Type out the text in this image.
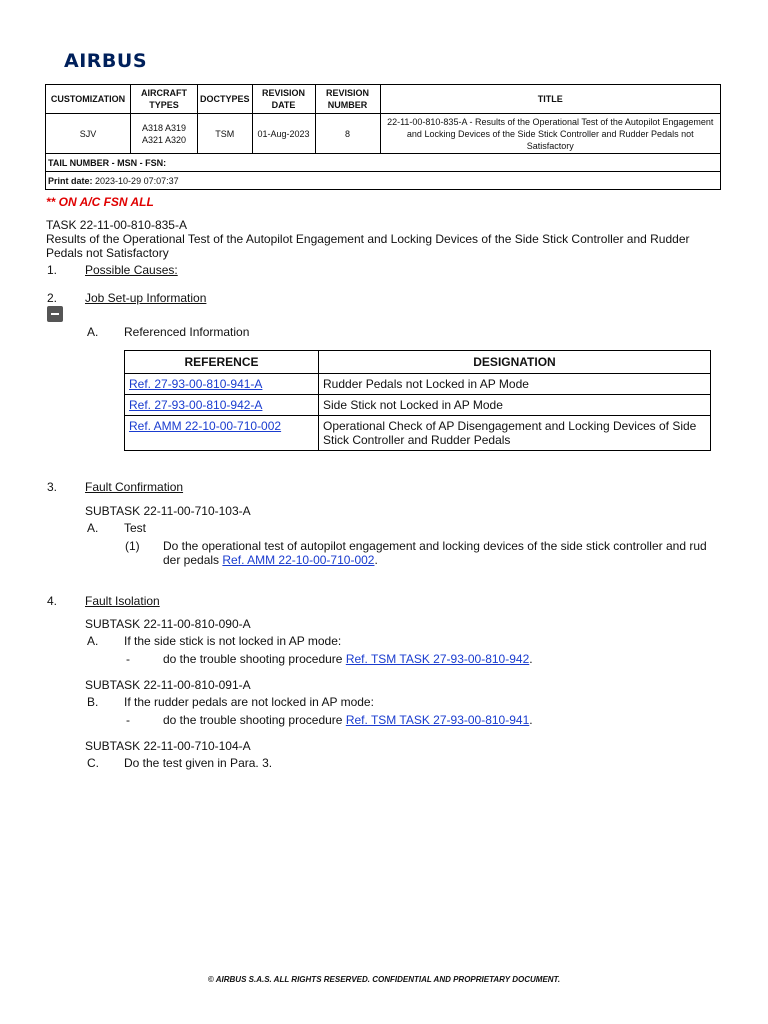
AIRBUS
CUSTOMIZATION	AIRCRAFT TYPES	DOCTYPES	REVISION DATE	REVISION NUMBER	TITLE
SJV	A318 A319 A321 A320	TSM	01-Aug-2023	8	22-11-00-810-835-A - Results of the Operational Test of the Autopilot Engagement and Locking Devices of the Side Stick Controller and Rudder Pedals not Satisfactory
TAIL NUMBER - MSN - FSN:					
Print date: 2023-10-29 07:07:37					
** ON A/C FSN ALL
TASK 22-11-00-810-835-A
Results of the Operational Test of the Autopilot Engagement and Locking Devices of the Side Stick Controller and Rudder Pedals not Satisfactory
1. Possible Causes:
2. Job Set-up Information
A. Referenced Information
REFERENCE	DESIGNATION
Ref. 27-93-00-810-941-A	Rudder Pedals not Locked in AP Mode
Ref. 27-93-00-810-942-A	Side Stick not Locked in AP Mode
Ref. AMM 22-10-00-710-002	Operational Check of AP Disengagement and Locking Devices of Side Stick Controller and Rudder Pedals
3. Fault Confirmation
SUBTASK 22-11-00-710-103-A
A. Test
(1) Do the operational test of autopilot engagement and locking devices of the side stick controller and rudder pedals Ref. AMM 22-10-00-710-002.
4. Fault Isolation
SUBTASK 22-11-00-810-090-A
A. If the side stick is not locked in AP mode:
-	do the trouble shooting procedure Ref. TSM TASK 27-93-00-810-942.
SUBTASK 22-11-00-810-091-A
B. If the rudder pedals are not locked in AP mode:
-	do the trouble shooting procedure Ref. TSM TASK 27-93-00-810-941.
SUBTASK 22-11-00-710-104-A
C. Do the test given in Para. 3.
© AIRBUS S.A.S. ALL RIGHTS RESERVED. CONFIDENTIAL AND PROPRIETARY DOCUMENT.
